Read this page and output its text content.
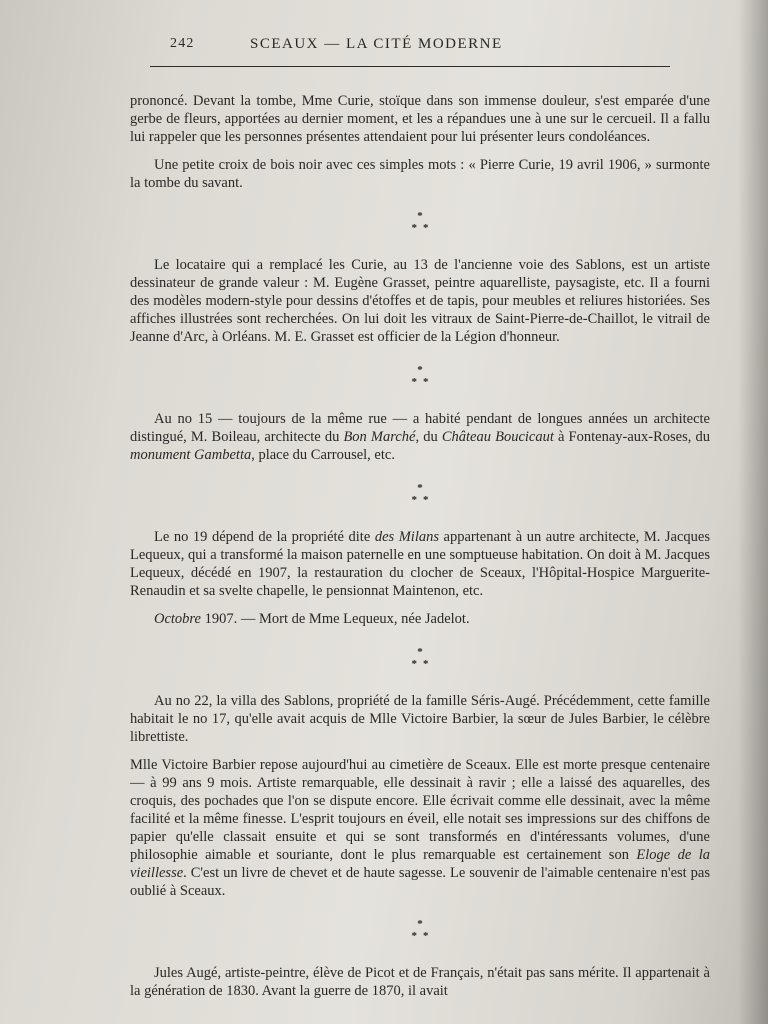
242	SCEAUX — LA CITÉ MODERNE

prononcé. Devant la tombe, Mme Curie, stoïque dans son immense douleur, s'est emparée d'une gerbe de fleurs, apportées au dernier moment, et les a répandues une à une sur le cercueil. Il a fallu lui rappeler que les personnes présentes attendaient pour lui présenter leurs condoléances.

Une petite croix de bois noir avec ces simples mots : « Pierre Curie, 19 avril 1906, » surmonte la tombe du savant.

*
**

Le locataire qui a remplacé les Curie, au 13 de l'ancienne voie des Sablons, est un artiste dessinateur de grande valeur : M. Eugène Grasset, peintre aquarelliste, paysagiste, etc. Il a fourni des modèles modern-style pour dessins d'étoffes et de tapis, pour meubles et reliures historiées. Ses affiches illustrées sont recherchées. On lui doit les vitraux de Saint-Pierre-de-Chaillot, le vitrail de Jeanne d'Arc, à Orléans. M. E. Grasset est officier de la Légion d'honneur.

*
**

Au no 15 — toujours de la même rue — a habité pendant de longues années un architecte distingué, M. Boileau, architecte du Bon Marché, du Château Boucicaut à Fontenay-aux-Roses, du monument Gambetta, place du Carrousel, etc.

*
**

Le no 19 dépend de la propriété dite des Milans appartenant à un autre architecte, M. Jacques Lequeux, qui a transformé la maison paternelle en une somptueuse habitation. On doit à M. Jacques Lequeux, décédé en 1907, la restauration du clocher de Sceaux, l'Hôpital-Hospice Marguerite-Renaudin et sa svelte chapelle, le pensionnat Maintenon, etc.

Octobre 1907. — Mort de Mme Lequeux, née Jadelot.

*
**

Au no 22, la villa des Sablons, propriété de la famille Séris-Augé. Précédemment, cette famille habitait le no 17, qu'elle avait acquis de Mlle Victoire Barbier, la sœur de Jules Barbier, le célèbre librettiste.

Mlle Victoire Barbier repose aujourd'hui au cimetière de Sceaux. Elle est morte presque centenaire — à 99 ans 9 mois. Artiste remarquable, elle dessinait à ravir ; elle a laissé des aquarelles, des croquis, des pochades que l'on se dispute encore. Elle écrivait comme elle dessinait, avec la même facilité et la même finesse. L'esprit toujours en éveil, elle notait ses impressions sur des chiffons de papier qu'elle classait ensuite et qui se sont transformés en d'intéressants volumes, d'une philosophie aimable et souriante, dont le plus remarquable est certainement son Eloge de la vieillesse. C'est un livre de chevet et de haute sagesse. Le souvenir de l'aimable centenaire n'est pas oublié à Sceaux.

*
**

Jules Augé, artiste-peintre, élève de Picot et de Français, n'était pas sans mérite. Il appartenait à la génération de 1830. Avant la guerre de 1870, il avait
